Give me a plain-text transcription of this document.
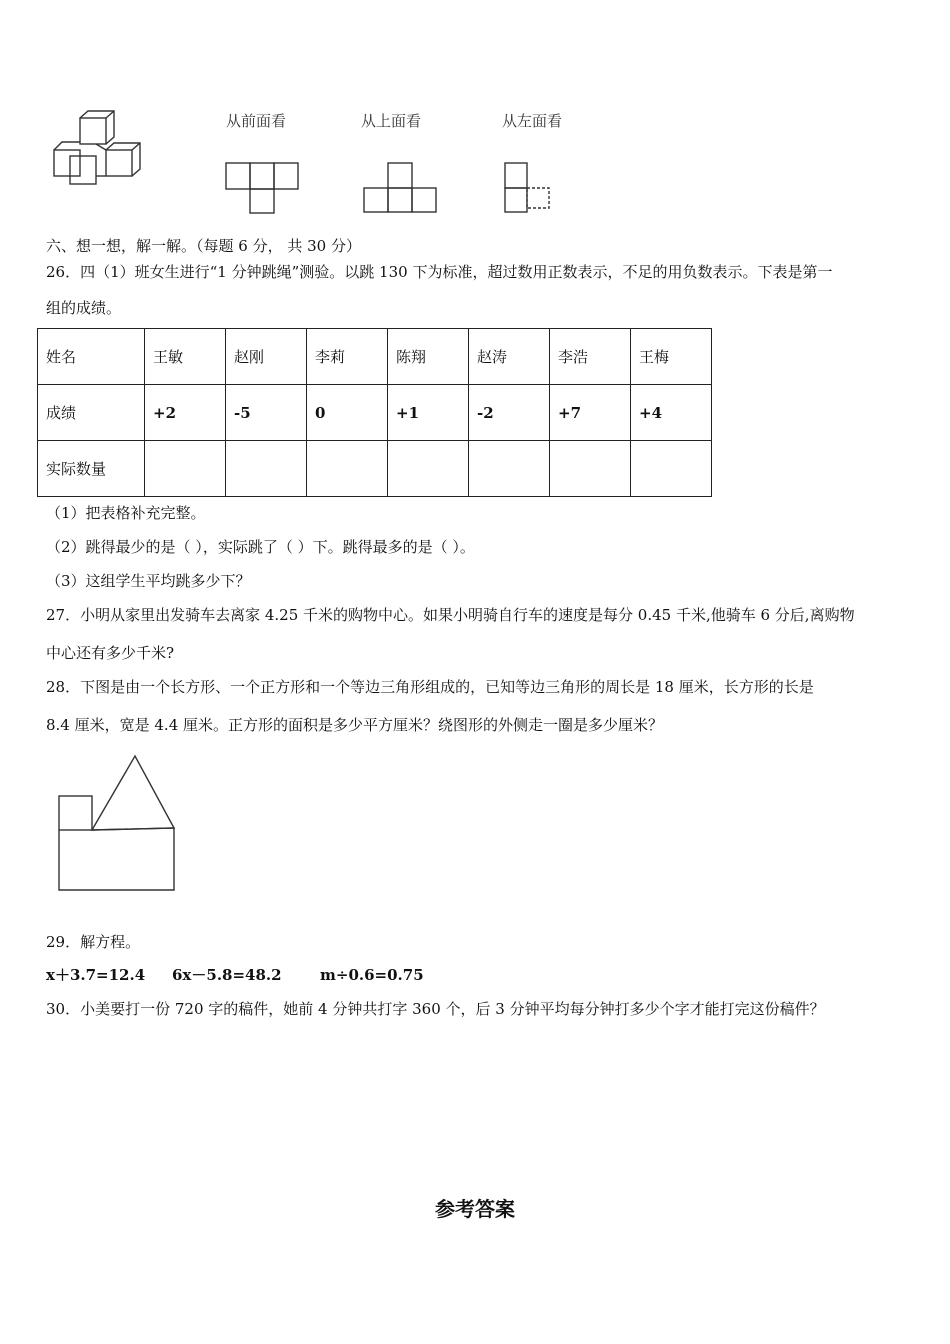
从前面看	从上面看	从左面看
六、想一想，解一解。（每题 6 分， 共 30 分）
26．四（1）班女生进行“1 分钟跳绳”测验。以跳 130 下为标准，超过数用正数表示，不足的用负数表示。下表是第一
组的成绩。
姓名	王敏	赵刚	李莉	陈翔	赵涛	李浩	王梅
成绩	+2	-5	0	+1	-2	+7	+4
实际数量							
（1）把表格补充完整。
（2）跳得最少的是（ ），实际跳了（ ）下。跳得最多的是（ ）。
（3）这组学生平均跳多少下？
27．小明从家里出发骑车去离家 4.25 千米的购物中心。如果小明骑自行车的速度是每分 0.45 千米,他骑车 6 分后,离购物
中心还有多少千米?
28．下图是由一个长方形、一个正方形和一个等边三角形组成的，已知等边三角形的周长是 18 厘米，长方形的长是
8.4 厘米，宽是 4.4 厘米。正方形的面积是多少平方厘米？绕图形的外侧走一圈是多少厘米？
29．解方程。
x＋3.7=12.4 6x－5.8=48.2	m÷0.6=0.75
30．小美要打一份 720 字的稿件，她前 4 分钟共打字 360 个，后 3 分钟平均每分钟打多少个字才能打完这份稿件？
参考答案
